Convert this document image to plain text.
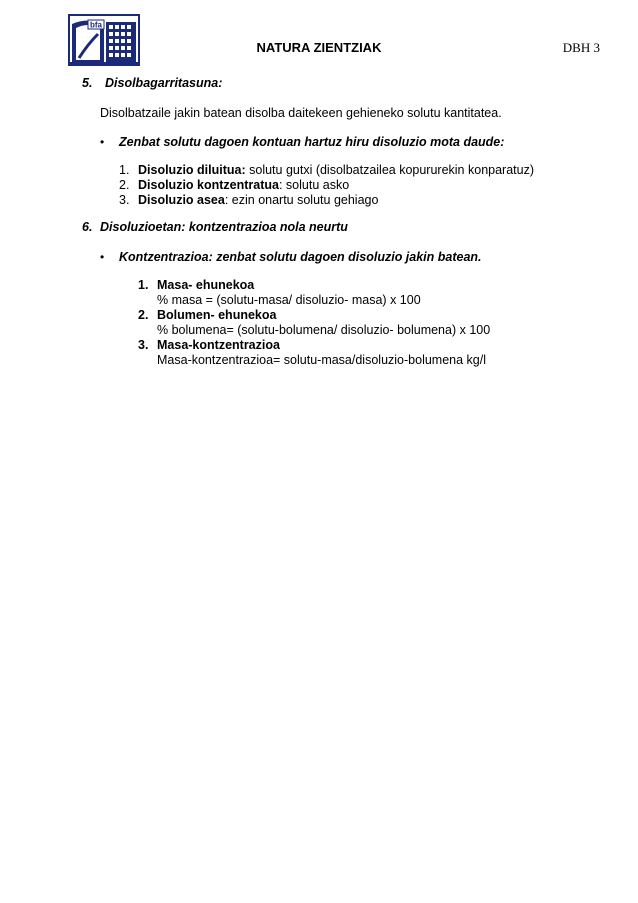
bfa
NATURA ZIENTZIAK	DBH 3
5. Disolbagarritasuna:
Disolbatzaile jakin batean disolba daitekeen gehieneko solutu kantitatea.
• Zenbat solutu dagoen kontuan hartuz hiru disoluzio mota daude:
1. Disoluzio diluitua: solutu gutxi (disolbatzailea kopururekin konparatuz)
2. Disoluzio kontzentratua: solutu asko
3. Disoluzio asea: ezin onartu solutu gehiago
6. Disoluzioetan: kontzentrazioa nola neurtu
• Kontzentrazioa: zenbat solutu dagoen disoluzio jakin batean.
1. Masa- ehunekoa
% masa = (solutu-masa/ disoluzio- masa) x 100
2. Bolumen- ehunekoa
% bolumena= (solutu-bolumena/ disoluzio- bolumena) x 100
3. Masa-kontzentrazioa
Masa-kontzentrazioa= solutu-masa/disoluzio-bolumena kg/l
